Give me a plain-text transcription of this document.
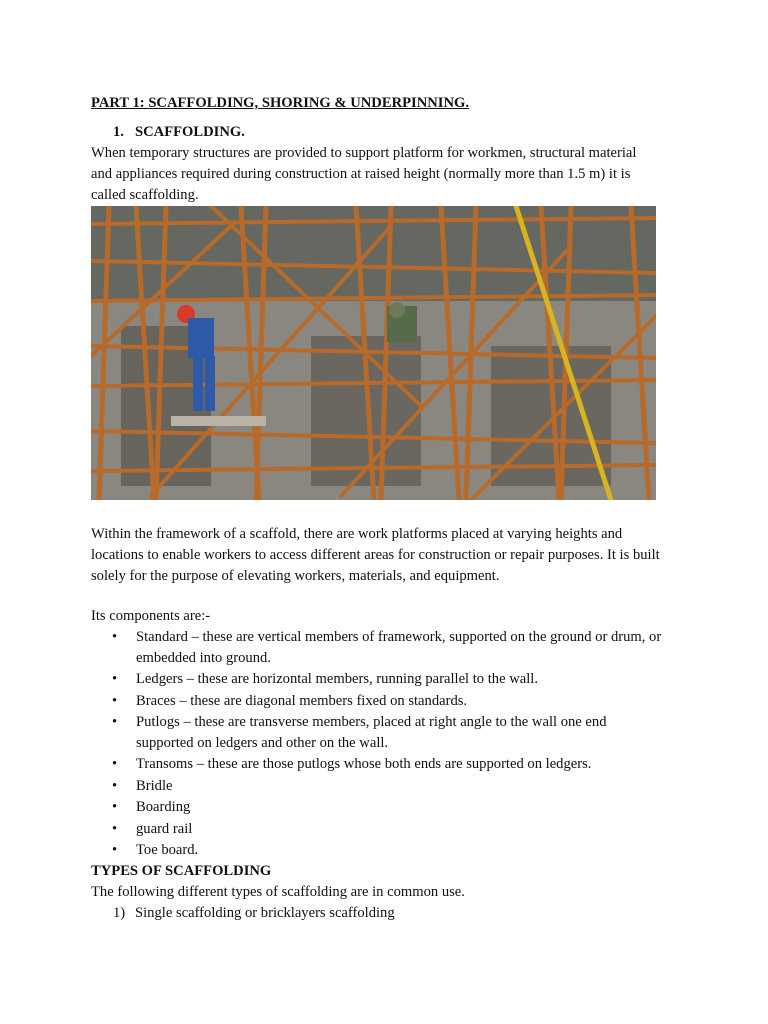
PART 1: SCAFFOLDING, SHORING & UNDERPINNING.
1. SCAFFOLDING.
When temporary structures are provided to support platform for workmen, structural material
and appliances required during construction at raised height (normally more than 1.5 m) it is
called scaffolding.
Within the framework of a scaffold, there are work platforms placed at varying heights and
locations to enable workers to access different areas for construction or repair purposes. It is built
solely for the purpose of elevating workers, materials, and equipment.
Its components are:-
•	Standard – these are vertical members of framework, supported on the ground or drum, or
embedded into ground.
•	Ledgers – these are horizontal members, running parallel to the wall.
•	Braces – these are diagonal members fixed on standards.
•	Putlogs – these are transverse members, placed at right angle to the wall one end
supported on ledgers and other on the wall.
•	Transoms – these are those putlogs whose both ends are supported on ledgers.
•	Bridle
•	Boarding
•	guard rail
•	Toe board.
TYPES OF SCAFFOLDING
The following different types of scaffolding are in common use.
1) Single scaffolding or bricklayers scaffolding
